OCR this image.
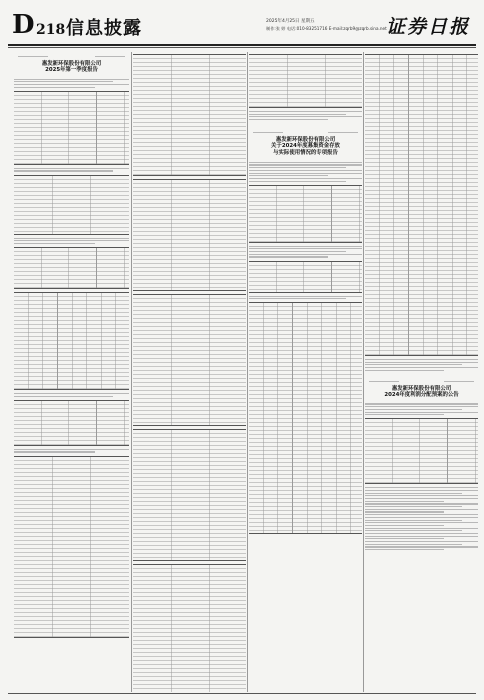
D 218 信息披露	2025年4月25日 星期五
制作:张 婷 电话:010-83251716 E-mail:zqrb9@zqrb.sina.net 证券日报
惠发新环保股份有限公司
2025年第一季度报告
惠发新环保股份有限公司
关于2024年度募集资金存放
与实际使用情况的专项报告
惠发新环保股份有限公司
2024年度利润分配预案的公告
